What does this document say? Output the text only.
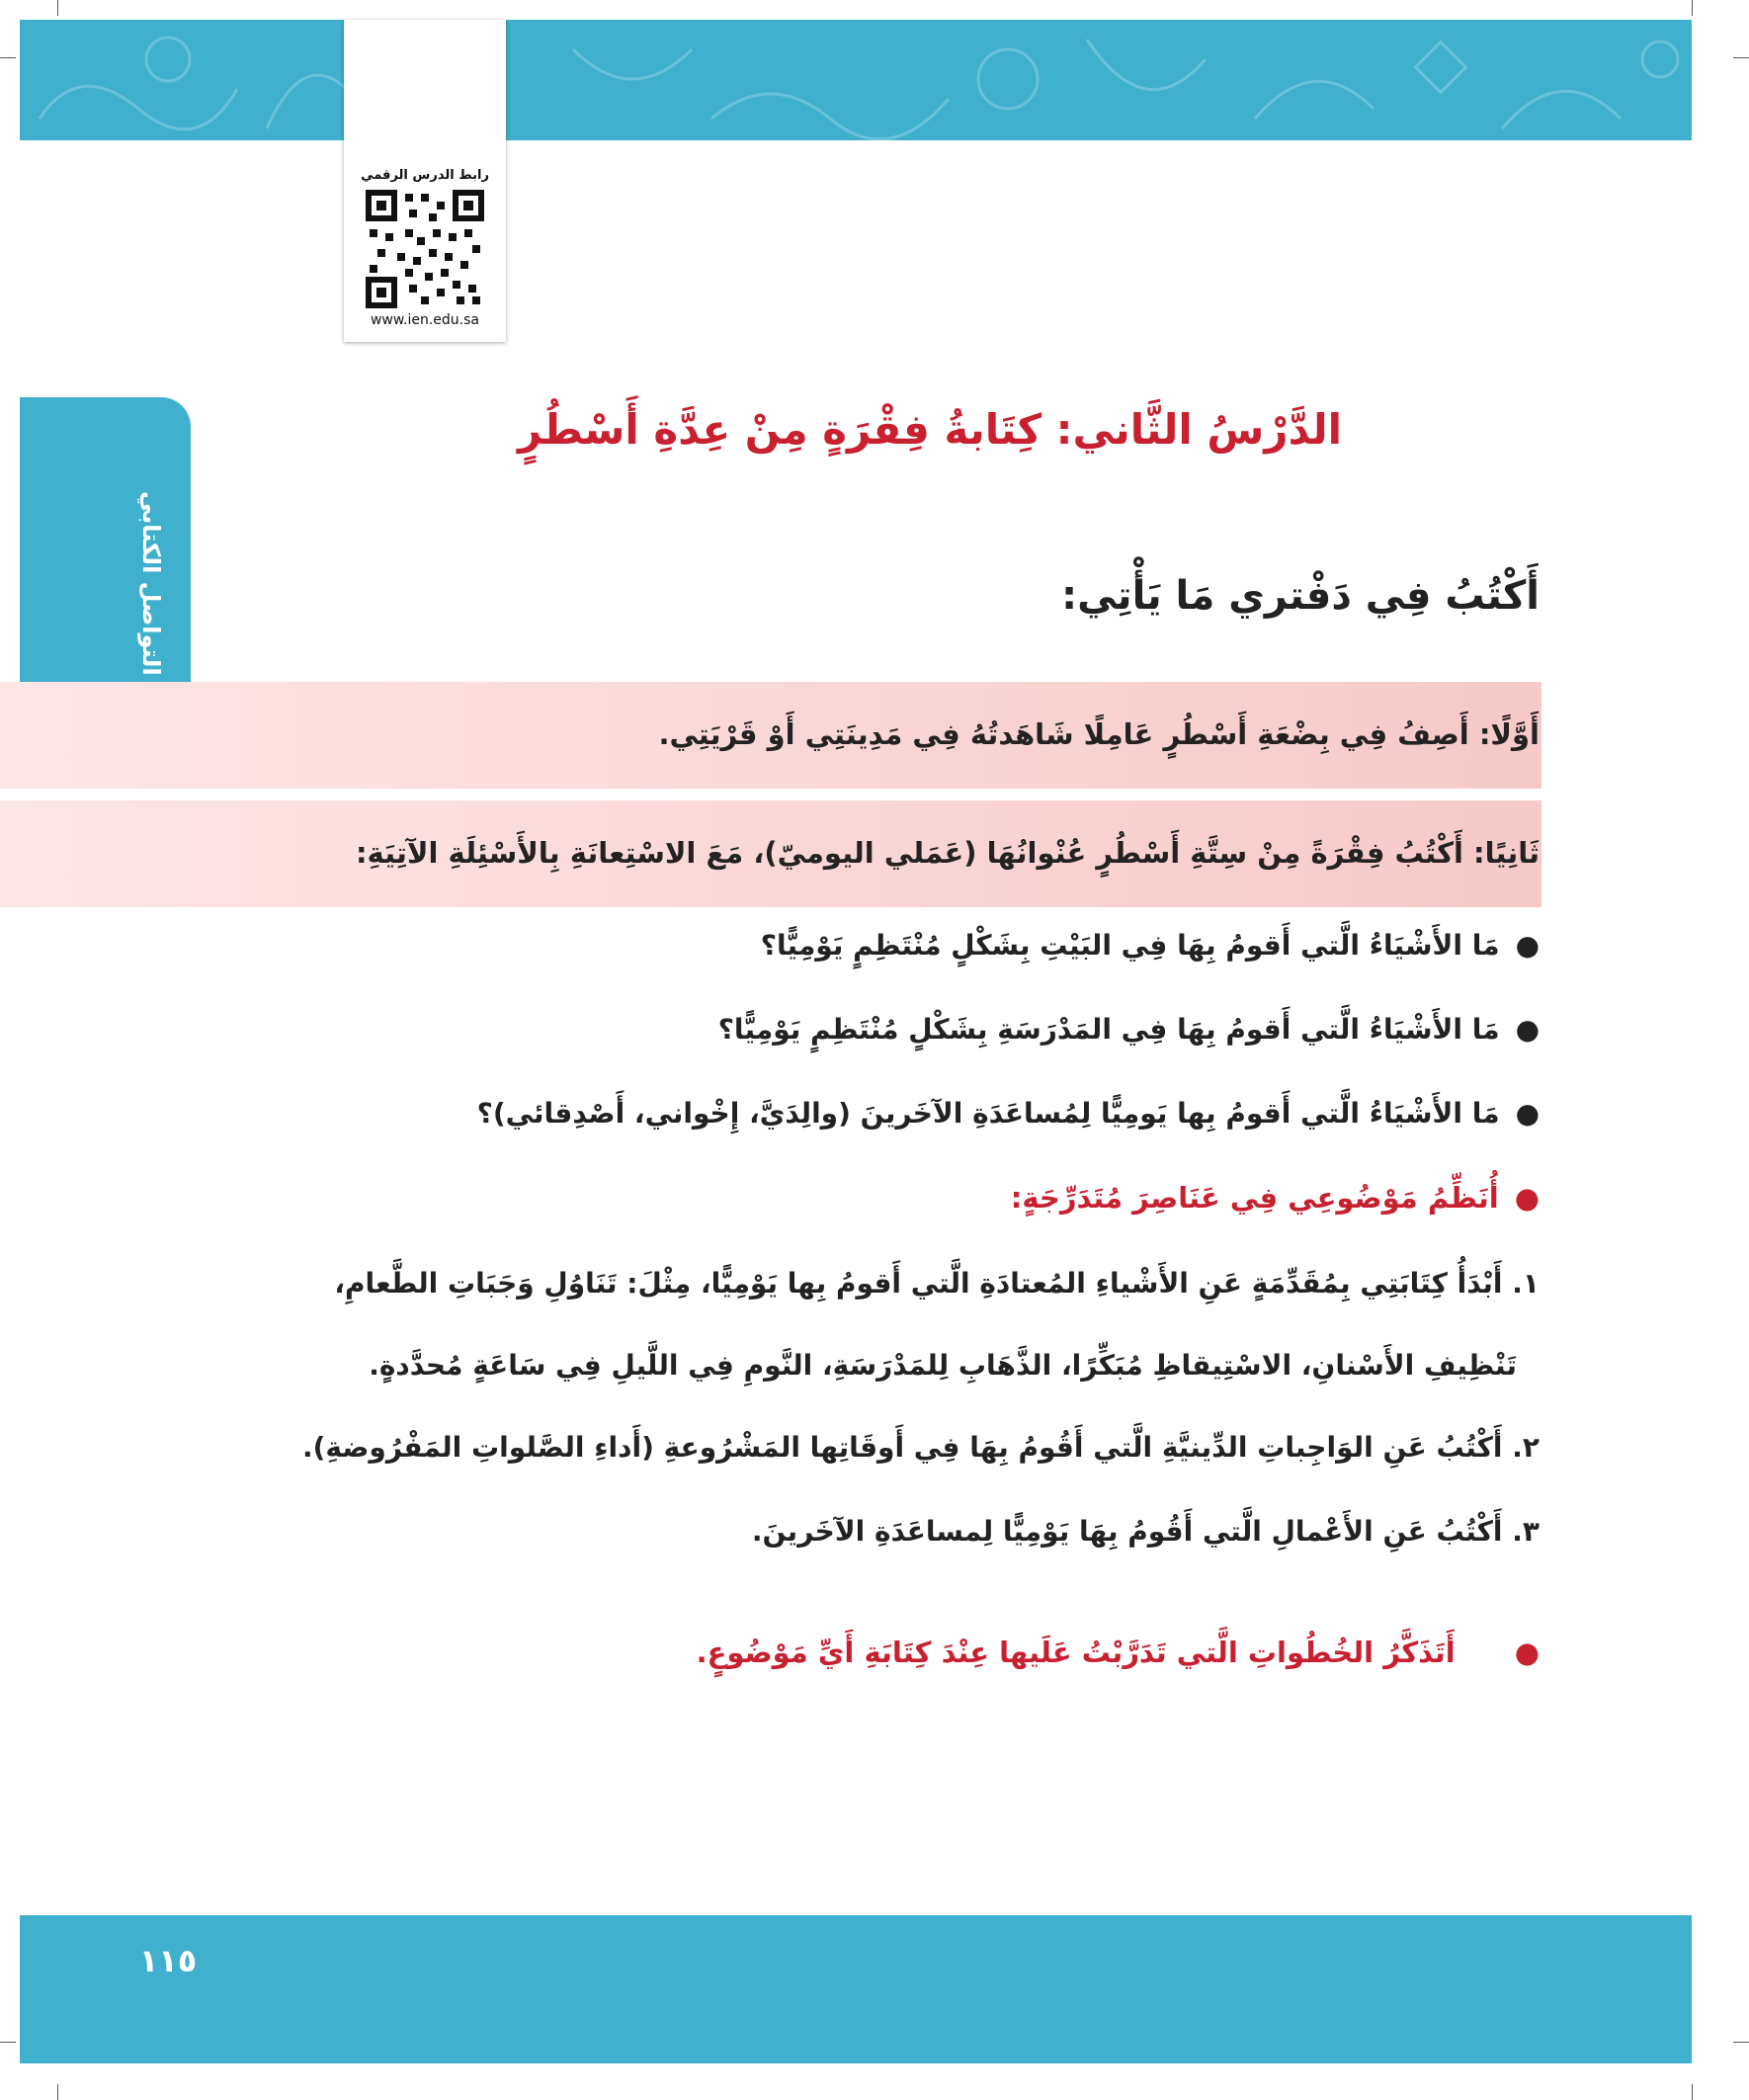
رابط الدرس الرقمي
www.ien.edu.sa
التواصل الكتابي
الدَّرْسُ الثَّاني: كِتَابةُ فِقْرَةٍ مِنْ عِدَّةِ أَسْطُرٍ
أَكْتُبُ فِي دَفْتري مَا يَأْتِي:
أَوَّلًا: أَصِفُ فِي بِضْعَةِ أَسْطُرٍ عَامِلًا شَاهَدتُهُ فِي مَدِينَتِي أَوْ قَرْيَتِي.
ثَانِيًا: أَكْتُبُ فِقْرَةً مِنْ سِتَّةِ أَسْطُرٍ عُنْوانُهَا (عَمَلي اليوميّ)، مَعَ الاسْتِعانَةِ بِالأَسْئِلَةِ الآتِيَةِ:
●مَا الأَشْيَاءُ الَّتي أَقومُ بِهَا فِي البَيْتِ بِشَكْلٍ مُنْتَظِمٍ يَوْمِيًّا؟
●مَا الأَشْيَاءُ الَّتي أَقومُ بِهَا فِي المَدْرَسَةِ بِشَكْلٍ مُنْتَظِمٍ يَوْمِيًّا؟
●مَا الأَشْيَاءُ الَّتي أَقومُ بِها يَومِيًّا لِمُساعَدَةِ الآخَرينَ (والِدَيَّ، إِخْواني، أَصْدِقائي)؟
●أُنَظِّمُ مَوْضُوعِي فِي عَنَاصِرَ مُتَدَرِّجَةٍ:
١. أَبْدَأُ كِتَابَتِي بِمُقَدِّمَةٍ عَنِ الأَشْياءِ المُعتادَةِ الَّتي أَقومُ بِها يَوْمِيًّا، مِثْلَ: تَنَاوُلِ وَجَبَاتِ الطَّعامِ،
تَنْظِيفِ الأَسْنانِ، الاسْتِيقاظِ مُبَكِّرًا، الذَّهَابِ لِلمَدْرَسَةِ، النَّومِ فِي اللَّيلِ فِي سَاعَةٍ مُحدَّدةٍ.
٢. أَكْتُبُ عَنِ الوَاجِباتِ الدِّينيَّةِ الَّتي أَقُومُ بِهَا فِي أَوقَاتِها المَشْرُوعةِ (أَداءِ الصَّلواتِ المَفْرُوضةِ).
٣. أَكْتُبُ عَنِ الأَعْمالِ الَّتي أَقُومُ بِهَا يَوْمِيًّا لِمساعَدَةِ الآخَرينَ.
●أَتَذَكَّرُ الخُطُواتِ الَّتي تَدَرَّبْتُ عَلَيها عِنْدَ كِتَابَةِ أَيِّ مَوْضُوعٍ.
١١٥
